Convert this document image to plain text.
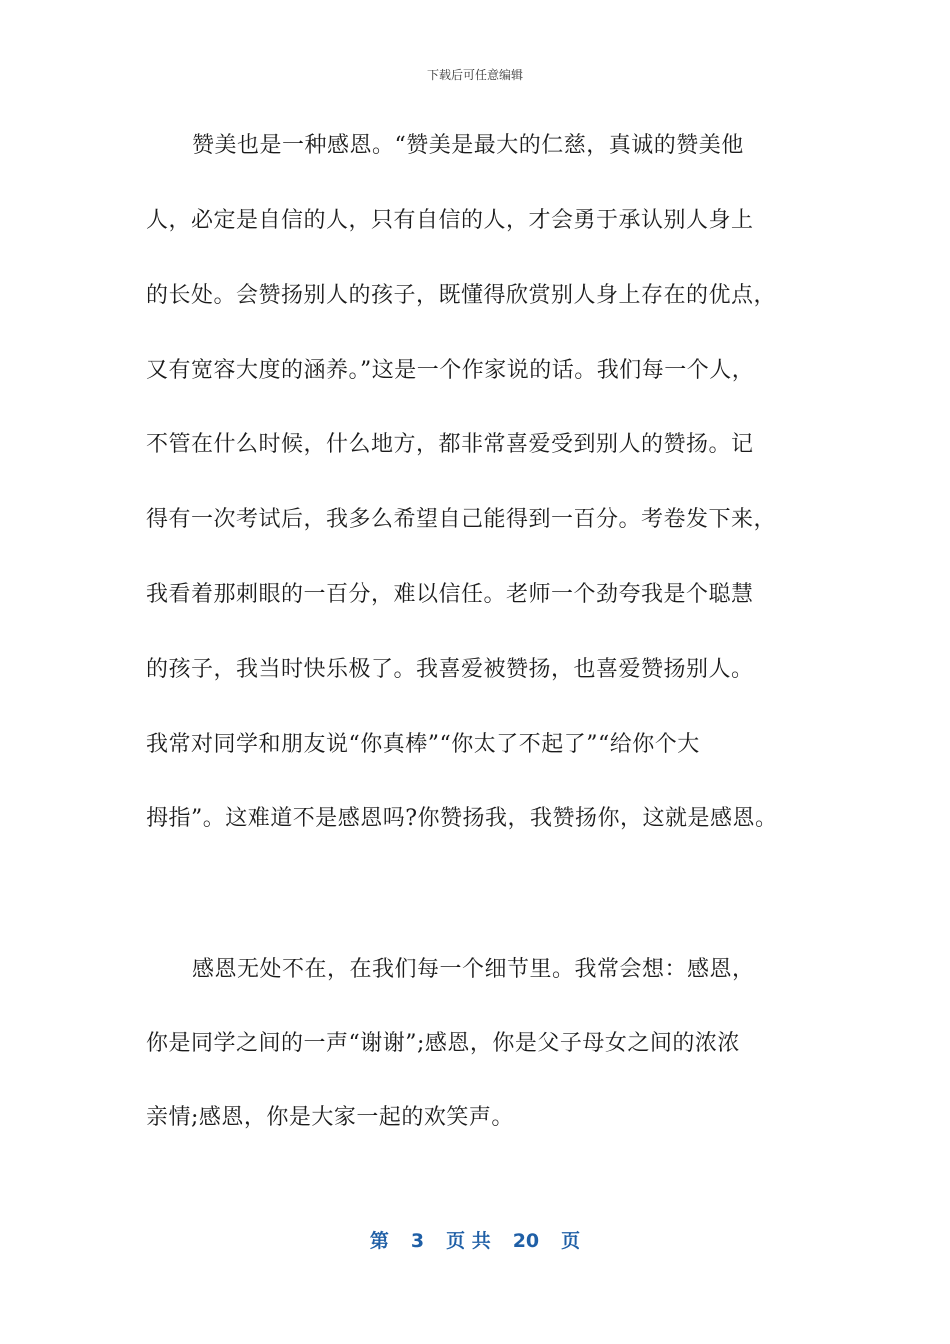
下载后可任意编辑
赞美也是一种感恩。“赞美是最大的仁慈，真诚的赞美他
人，必定是自信的人，只有自信的人，才会勇于承认别人身上
的长处。会赞扬别人的孩子，既懂得欣赏别人身上存在的优点，
又有宽容大度的涵养。”这是一个作家说的话。我们每一个人，
不管在什么时候，什么地方，都非常喜爱受到别人的赞扬。记
得有一次考试后，我多么希望自己能得到一百分。考卷发下来，
我看着那刺眼的一百分，难以信任。老师一个劲夸我是个聪慧
的孩子，我当时快乐极了。我喜爱被赞扬，也喜爱赞扬别人。
我常对同学和朋友说“你真棒”“你太了不起了”“给你个大
拇指”。这难道不是感恩吗?你赞扬我，我赞扬你，这就是感恩。
感恩无处不在，在我们每一个细节里。我常会想：感恩，
你是同学之间的一声“谢谢”;感恩，你是父子母女之间的浓浓
亲情;感恩，你是大家一起的欢笑声。
第 3 页 共 20 页
